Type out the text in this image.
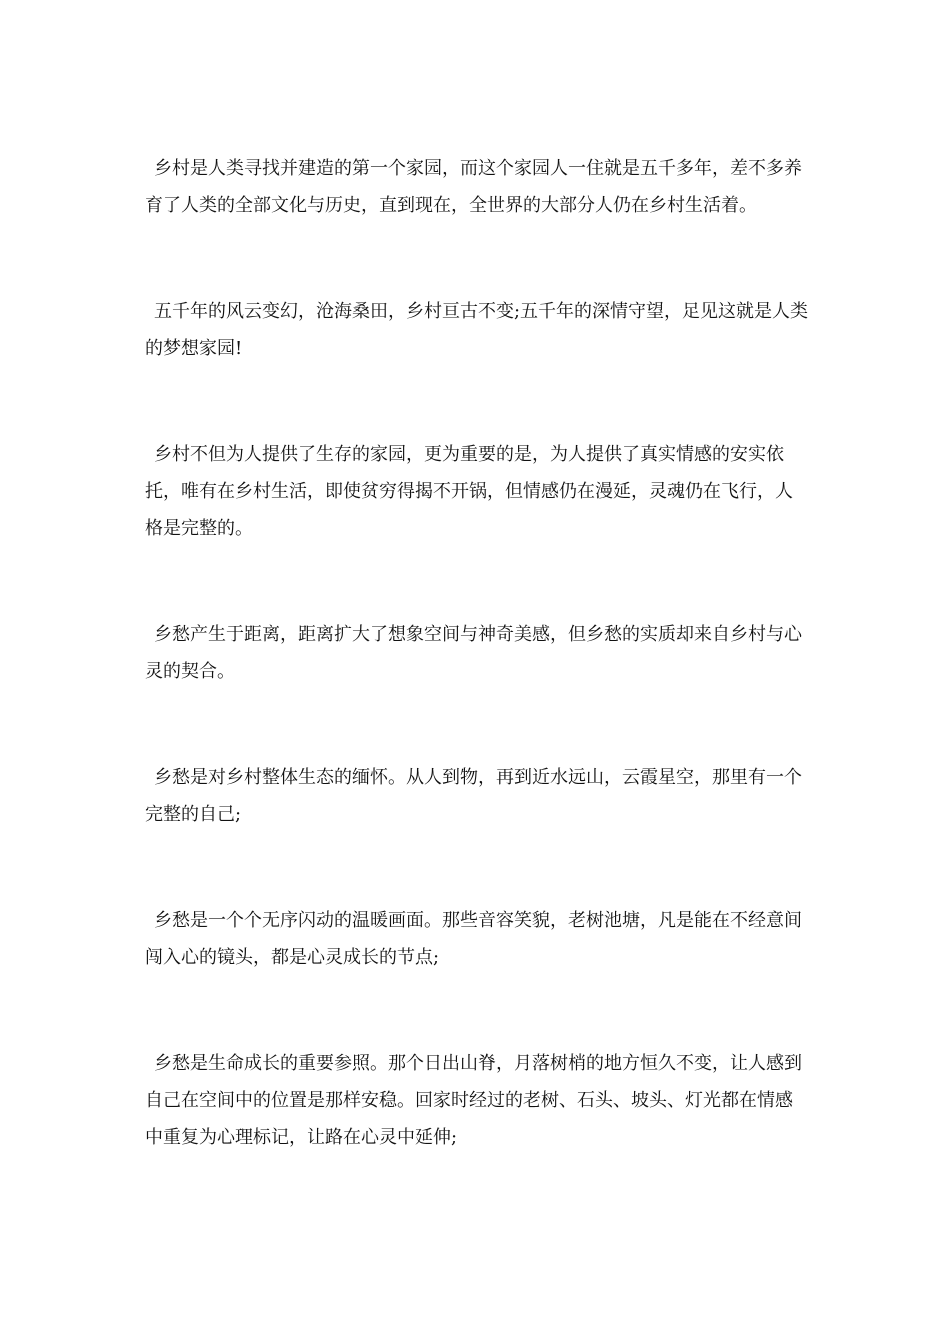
乡村是人类寻找并建造的第一个家园，而这个家园人一住就是五千多年，差不多养育了人类的全部文化与历史，直到现在，全世界的大部分人仍在乡村生活着。

五千年的风云变幻，沧海桑田，乡村亘古不变;五千年的深情守望，足见这就是人类的梦想家园!

乡村不但为人提供了生存的家园，更为重要的是，为人提供了真实情感的安实依托，唯有在乡村生活，即使贫穷得揭不开锅，但情感仍在漫延，灵魂仍在飞行，人格是完整的。

乡愁产生于距离，距离扩大了想象空间与神奇美感，但乡愁的实质却来自乡村与心灵的契合。

乡愁是对乡村整体生态的缅怀。从人到物，再到近水远山，云霞星空，那里有一个完整的自己;

乡愁是一个个无序闪动的温暖画面。那些音容笑貌，老树池塘，凡是能在不经意间闯入心的镜头，都是心灵成长的节点;

乡愁是生命成长的重要参照。那个日出山脊，月落树梢的地方恒久不变，让人感到自己在空间中的位置是那样安稳。回家时经过的老树、石头、坡头、灯光都在情感中重复为心理标记，让路在心灵中延伸;
